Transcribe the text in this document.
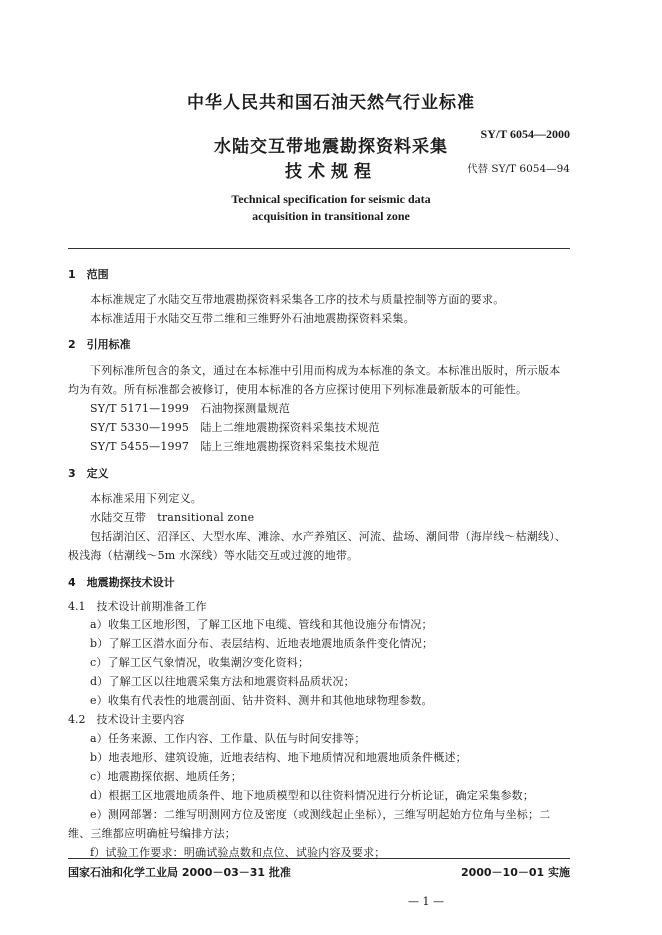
中华人民共和国石油天然气行业标准
SY/T 6054—2000
水陆交互带地震勘探资料采集
技术规程	代替 SY/T 6054—94
Technical specification for seismic data
acquisition in transitional zone
1　范围
本标准规定了水陆交互带地震勘探资料采集各工序的技术与质量控制等方面的要求。
本标准适用于水陆交互带二维和三维野外石油地震勘探资料采集。
2　引用标准
下列标准所包含的条文，通过在本标准中引用而构成为本标准的条文。本标准出版时，所示版本
均为有效。所有标准都会被修订，使用本标准的各方应探讨使用下列标准最新版本的可能性。
SY/T 5171—1999　石油物探测量规范
SY/T 5330—1995　陆上二维地震勘探资料采集技术规范
SY/T 5455—1997　陆上三维地震勘探资料采集技术规范
3　定义
本标准采用下列定义。
水陆交互带　transitional zone
包括湖泊区、沼泽区、大型水库、滩涂、水产养殖区、河流、盐场、潮间带（海岸线～枯潮线）、
极浅海（枯潮线～5m 水深线）等水陆交互或过渡的地带。
4　地震勘探技术设计
4.1　技术设计前期准备工作
a）收集工区地形图，了解工区地下电缆、管线和其他设施分布情况；
b）了解工区潜水面分布、表层结构、近地表地震地质条件变化情况；
c）了解工区气象情况，收集潮汐变化资料；
d）了解工区以往地震采集方法和地震资料品质状况；
e）收集有代表性的地震剖面、钻井资料、测井和其他地球物理参数。
4.2　技术设计主要内容
a）任务来源、工作内容、工作量、队伍与时间安排等；
b）地表地形、建筑设施，近地表结构、地下地质情况和地震地质条件概述；
c）地震勘探依据、地质任务；
d）根据工区地震地质条件、地下地质模型和以往资料情况进行分析论证，确定采集参数；
e）测网部署：二维写明测网方位及密度（或测线起止坐标），三维写明起始方位角与坐标；二
维、三维都应明确桩号编排方法；
f）试验工作要求：明确试验点数和点位、试验内容及要求；
国家石油和化学工业局 2000－03－31 批准	2000－10－01 实施
— 1 —
